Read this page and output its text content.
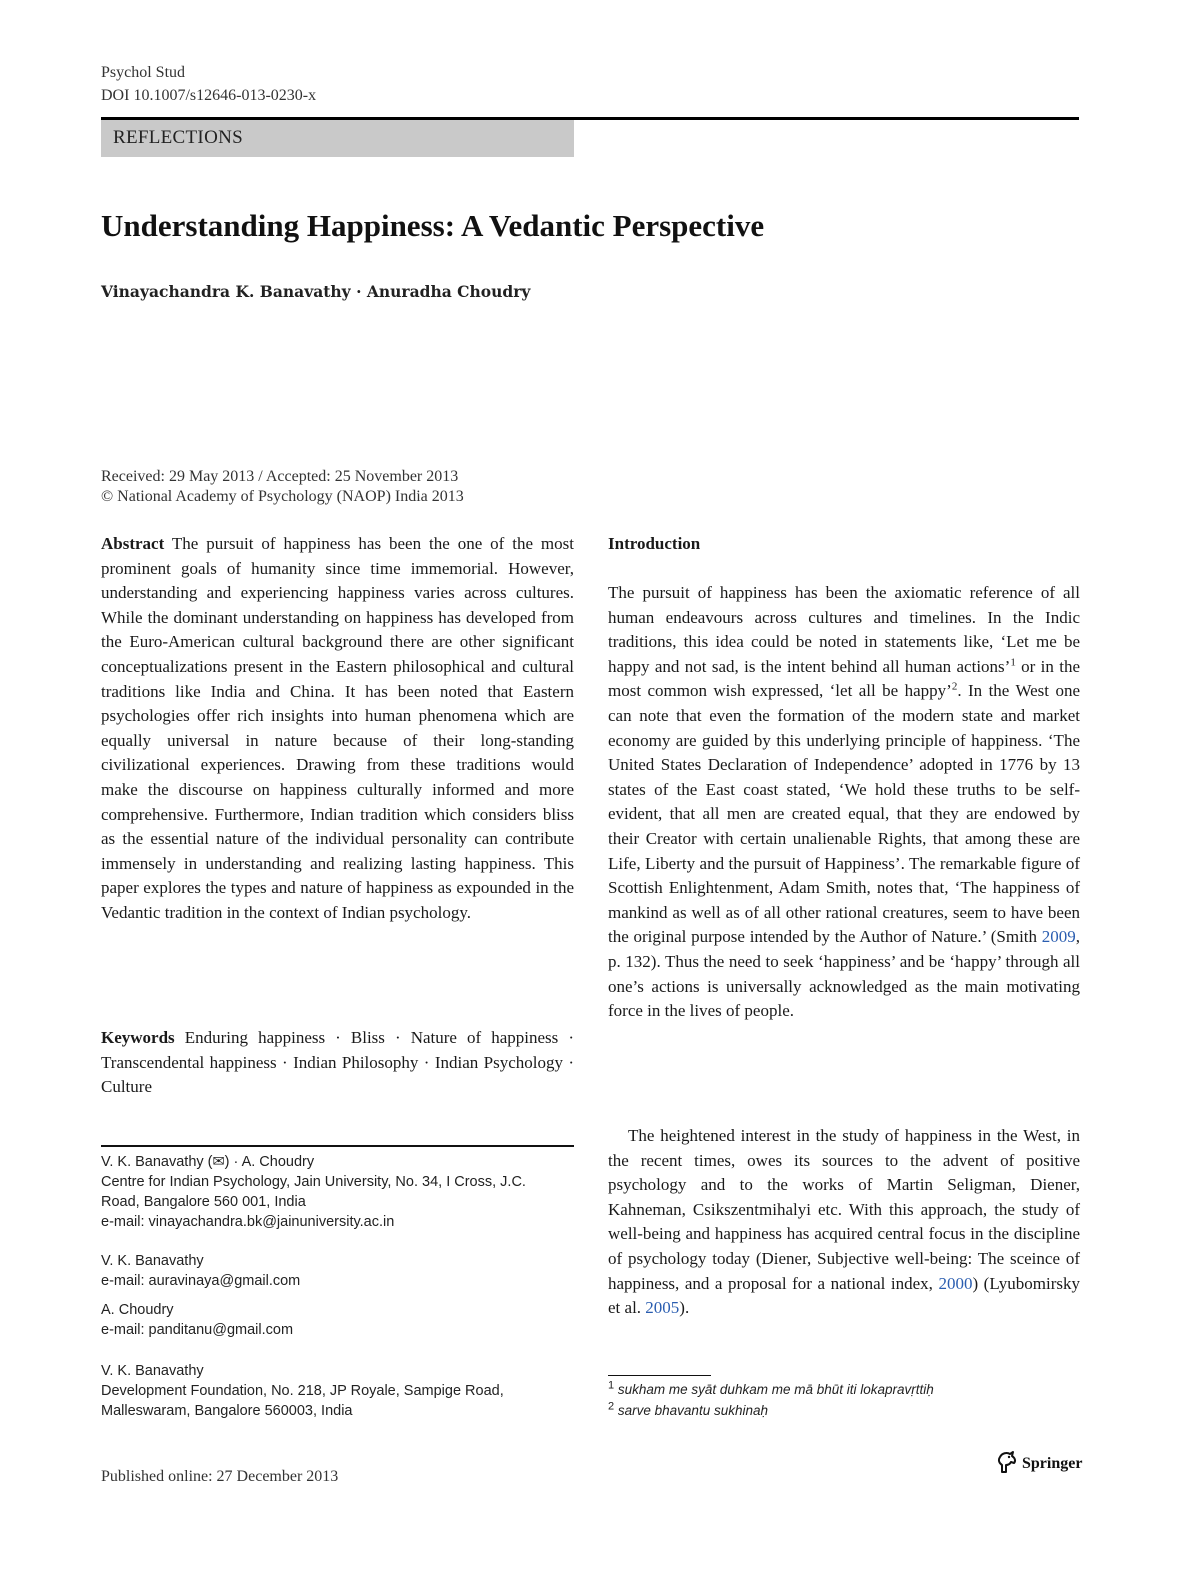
Psychol Stud
DOI 10.1007/s12646-013-0230-x
REFLECTIONS
Understanding Happiness: A Vedantic Perspective
Vinayachandra K. Banavathy · Anuradha Choudry
Received: 29 May 2013 / Accepted: 25 November 2013
© National Academy of Psychology (NAOP) India 2013
Abstract The pursuit of happiness has been the one of the most prominent goals of humanity since time immemorial. However, understanding and experiencing happiness varies across cultures. While the dominant understanding on happiness has developed from the Euro-American cultural background there are other significant conceptualizations present in the Eastern philosophical and cultural traditions like India and China. It has been noted that Eastern psychologies offer rich insights into human phenomena which are equally universal in nature because of their long-standing civilizational experiences. Drawing from these traditions would make the discourse on happiness culturally informed and more comprehensive. Furthermore, Indian tradition which considers bliss as the essential nature of the individual personality can contribute immensely in understanding and realizing lasting happiness. This paper explores the types and nature of happiness as expounded in the Vedantic tradition in the context of Indian psychology.
Keywords Enduring happiness · Bliss · Nature of happiness · Transcendental happiness · Indian Philosophy · Indian Psychology · Culture
Introduction
The pursuit of happiness has been the axiomatic reference of all human endeavours across cultures and timelines. In the Indic traditions, this idea could be noted in statements like, ‘Let me be happy and not sad, is the intent behind all human actions’$^1$ or in the most common wish expressed, ‘let all be happy’$^2$. In the West one can note that even the formation of the modern state and market economy are guided by this underlying principle of happiness. ‘The United States Declaration of Independence’ adopted in 1776 by 13 states of the East coast stated, ‘We hold these truths to be self-evident, that all men are created equal, that they are endowed by their Creator with certain unalienable Rights, that among these are Life, Liberty and the pursuit of Happiness’. The remarkable figure of Scottish Enlightenment, Adam Smith, notes that, ‘The happiness of mankind as well as of all other rational creatures, seem to have been the original purpose intended by the Author of Nature.’ (Smith 2009, p. 132). Thus the need to seek ‘happiness’ and be ‘happy’ through all one’s actions is universally acknowledged as the main motivating force in the lives of people.
The heightened interest in the study of happiness in the West, in the recent times, owes its sources to the advent of positive psychology and to the works of Martin Seligman, Diener, Kahneman, Csikszentmihalyi etc. With this approach, the study of well-being and happiness has acquired central focus in the discipline of psychology today (Diener, Subjective well-being: The sceince of happiness, and a proposal for a national index, 2000) (Lyubomirsky et al. 2005).
V. K. Banavathy (✉) · A. Choudry
Centre for Indian Psychology, Jain University, No. 34, I Cross, J.C.
Road, Bangalore 560 001, India
e-mail: vinayachandra.bk@jainuniversity.ac.in
V. K. Banavathy
e-mail: auravinaya@gmail.com
A. Choudry
e-mail: panditanu@gmail.com
V. K. Banavathy
Development Foundation, No. 218, JP Royale, Sampige Road,
Malleswaram, Bangalore 560003, India
$^1$ sukham me syāt duhkam me mā bhūt iti lokapravṛttiḥ
$^2$ sarve bhavantu sukhinaḥ
Published online: 27 December 2013
Springer
